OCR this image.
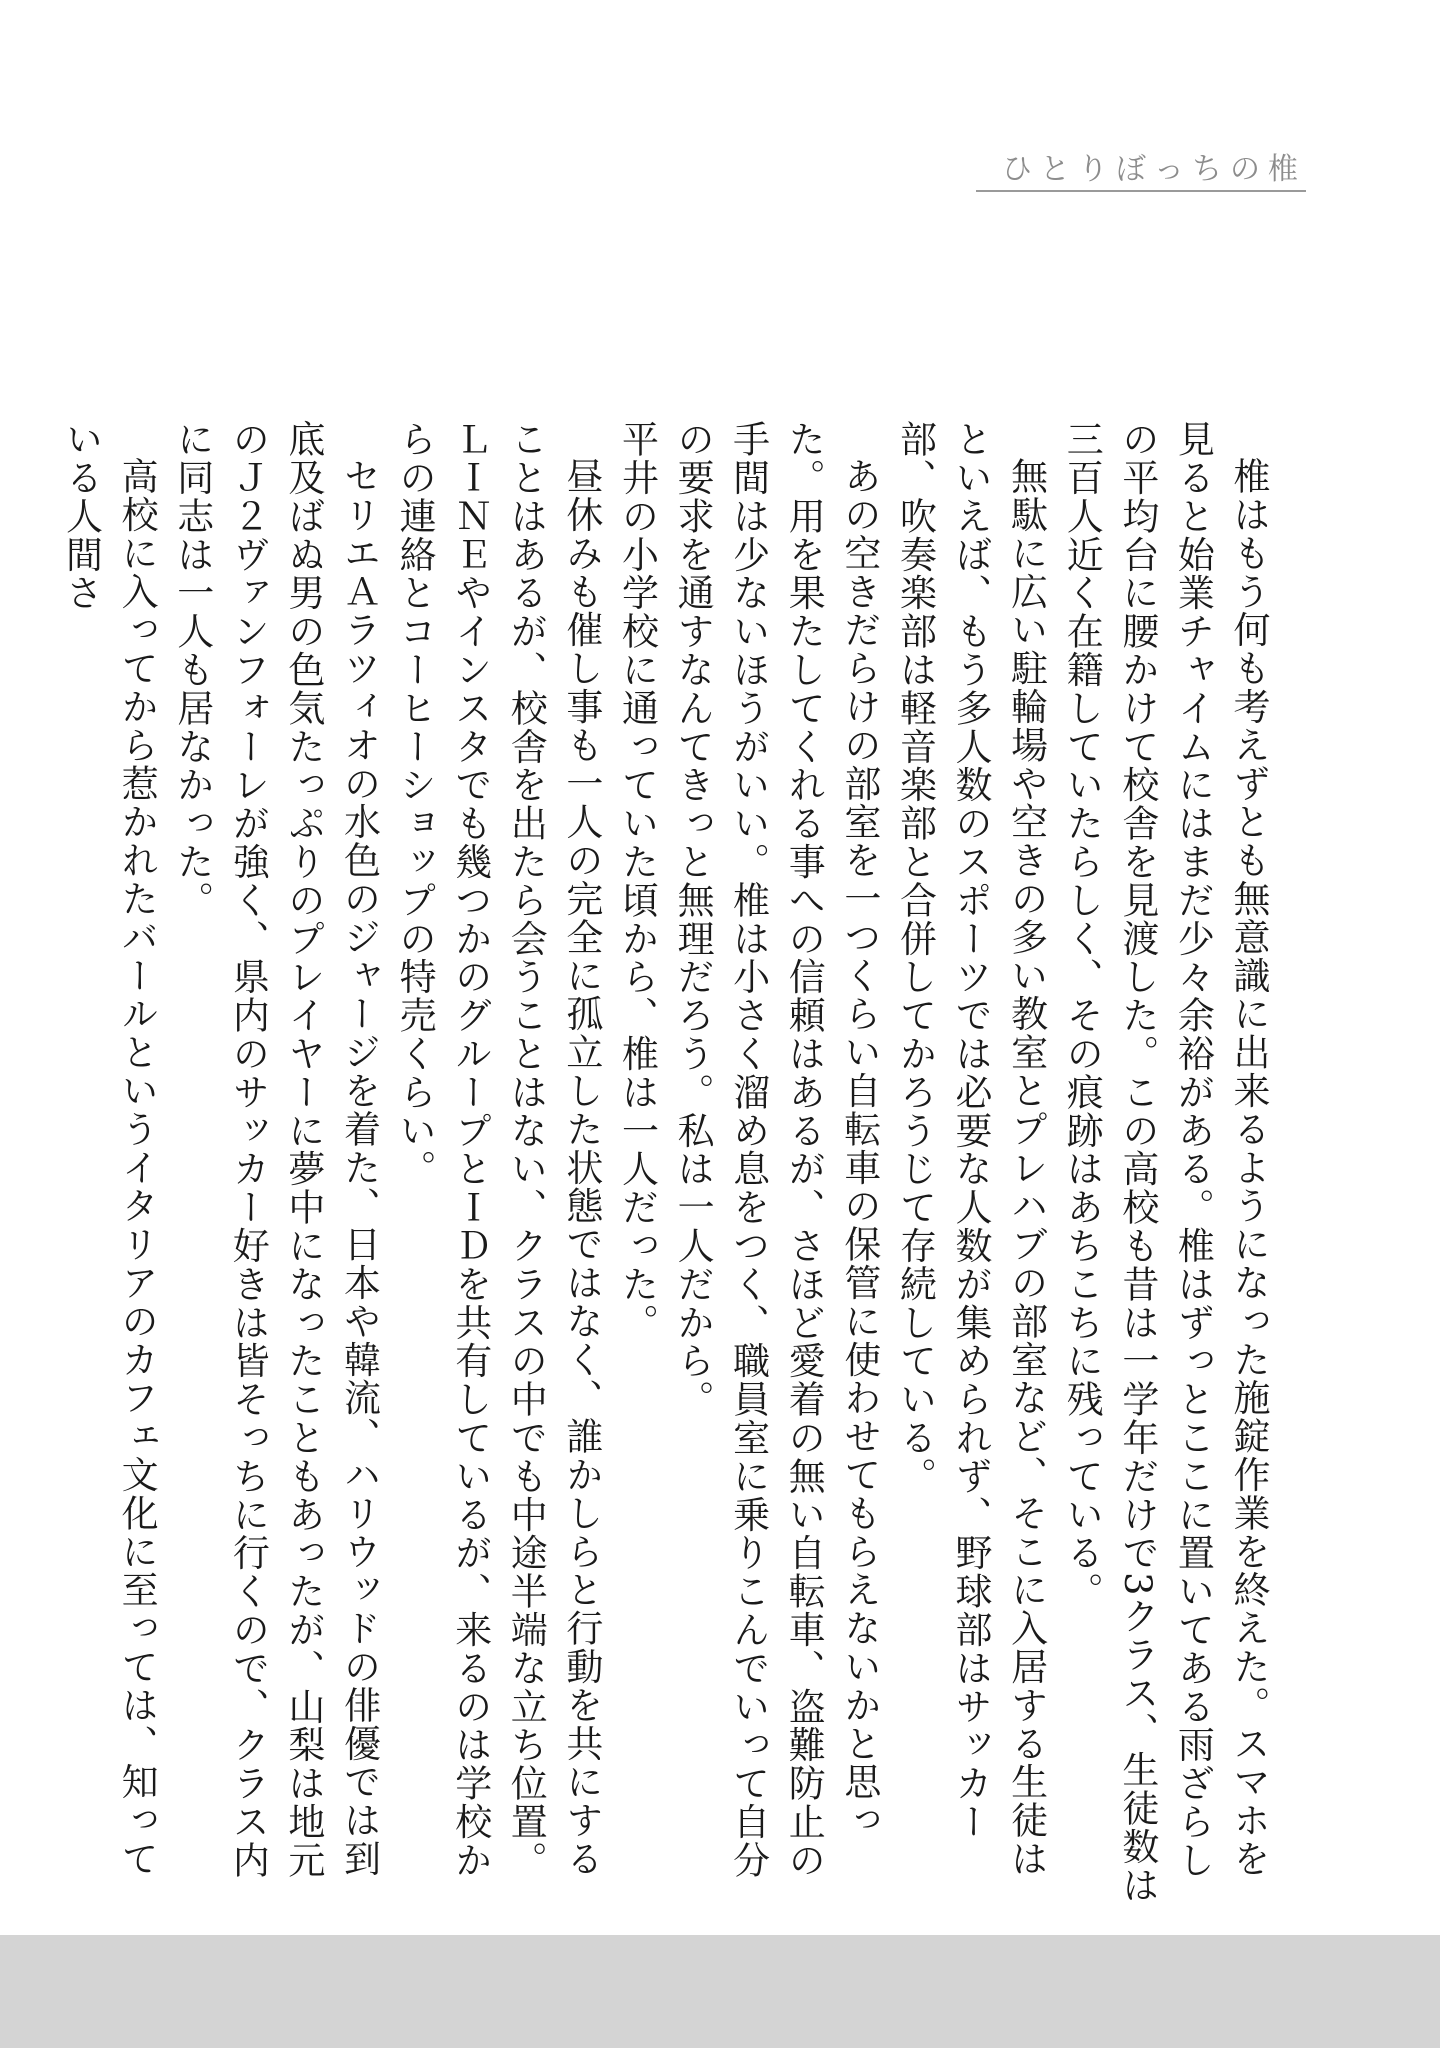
ひとりぼっちの椎

椎はもう何も考えずとも無意識に出来るようになった施錠作業を終えた。スマホを見ると始業チャイムにはまだ少々余裕がある。椎はずっとここに置いてある雨ざらしの平均台に腰かけて校舎を見渡した。この高校も昔は一学年だけで3クラス、生徒数は三百人近く在籍していたらしく、その痕跡はあちこちに残っている。

無駄に広い駐輪場や空きの多い教室とプレハブの部室など、そこに入居する生徒はといえば、もう多人数のスポーツでは必要な人数が集められず、野球部はサッカー部、吹奏楽部は軽音楽部と合併してかろうじて存続している。

あの空きだらけの部室を一つくらい自転車の保管に使わせてもらえないかと思った。用を果たしてくれる事への信頼はあるが、さほど愛着の無い自転車、盗難防止の手間は少ないほうがいい。椎は小さく溜め息をつく、職員室に乗りこんでいって自分の要求を通すなんてきっと無理だろう。私は一人だから。

平井の小学校に通っていた頃から、椎は一人だった。

昼休みも催し事も一人の完全に孤立した状態ではなく、誰かしらと行動を共にすることはあるが、校舎を出たら会うことはない、クラスの中でも中途半端な立ち位置。ＬＩＮＥやインスタでも幾つかのグループとＩＤを共有しているが、来るのは学校からの連絡とコーヒーショップの特売くらい。

セリエＡラツィオの水色のジャージを着た、日本や韓流、ハリウッドの俳優では到底及ばぬ男の色気たっぷりのプレイヤーに夢中になったこともあったが、山梨は地元のＪ２ヴァンフォーレが強く、県内のサッカー好きは皆そっちに行くので、クラス内に同志は一人も居なかった。

高校に入ってから惹かれたバールというイタリアのカフェ文化に至っては、知っている人間さ
